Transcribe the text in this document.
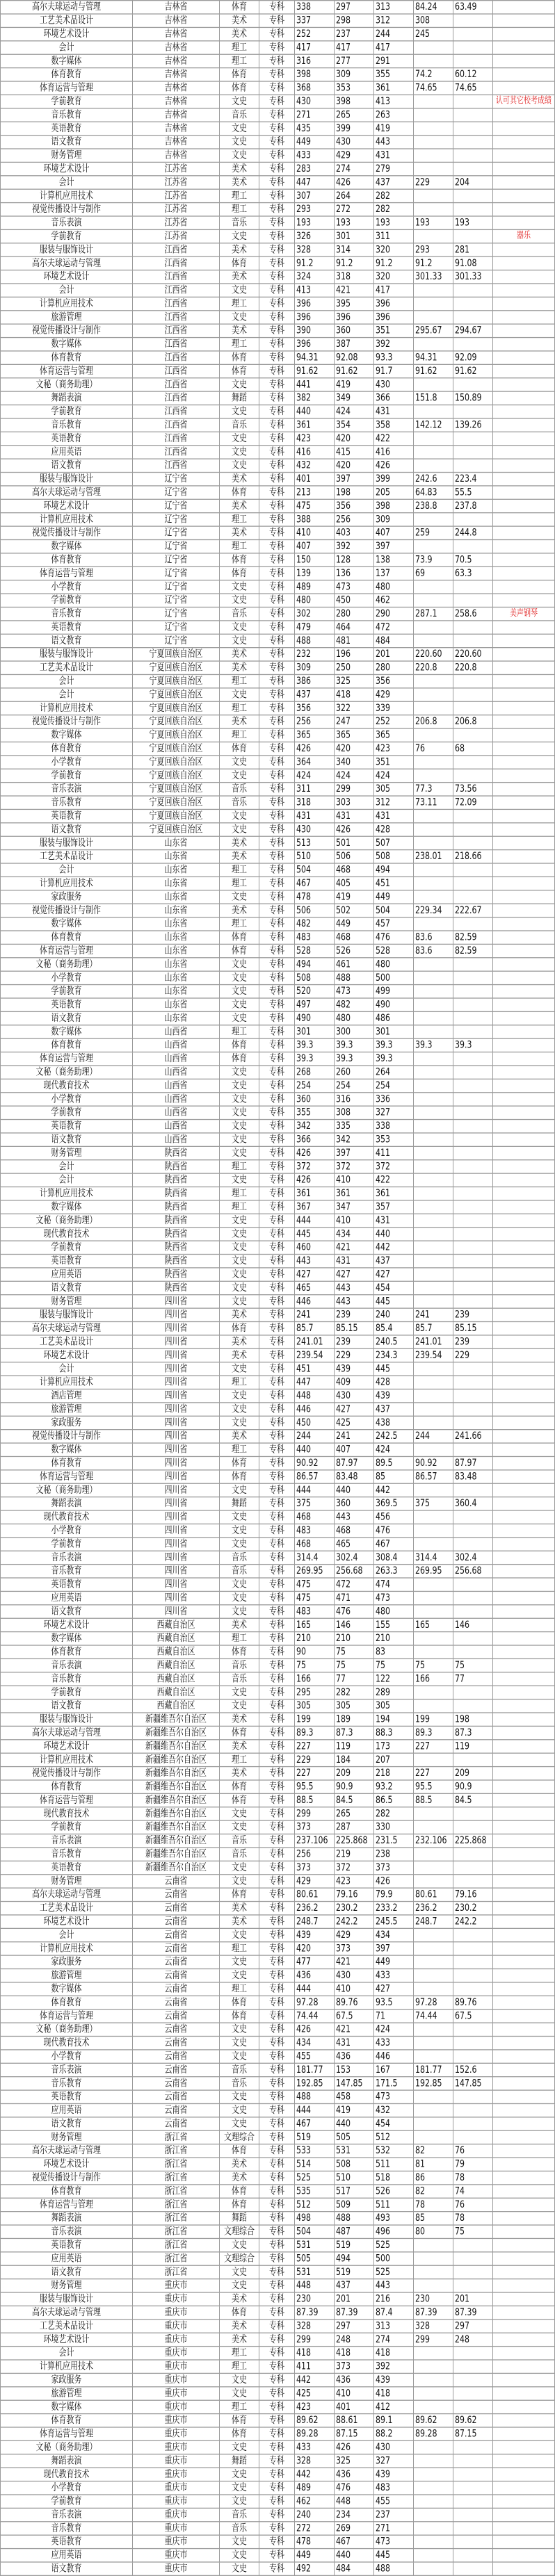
高尔夫球运动与管理	吉林省	体育	专科	338	297	313	84.24	63.49	
工艺美术品设计	吉林省	美术	专科	337	298	312	308		
环境艺术设计	吉林省	美术	专科	252	237	244	245		
会计	吉林省	理工	专科	417	417	417			
数字媒体	吉林省	理工	专科	316	277	291			
体育教育	吉林省	体育	专科	398	309	355	74.2	60.12	
体育运营与管理	吉林省	体育	专科	368	353	361	74.65	74.65	
学前教育	吉林省	文史	专科	430	398	413			认可其它校考成绩
音乐教育	吉林省	音乐	专科	271	265	263			
英语教育	吉林省	文史	专科	435	399	419			
语文教育	吉林省	文史	专科	449	430	443			
财务管理	吉林省	文史	专科	433	429	431			
环境艺术设计	江苏省	美术	专科	283	274	279			
会计	江苏省	美术	专科	447	426	437	229	204	
计算机应用技术	江苏省	理工	专科	307	264	282			
视觉传播设计与制作	江苏省	理工	专科	293	272	282			
音乐表演	江苏省	音乐	专科	193	193	193	193	193	
学前教育	江苏省	文史	专科	326	301	311			器乐
服装与服饰设计	江西省	美术	专科	328	314	320	293	281	
高尔夫球运动与管理	江西省	体育	专科	91.2	91.2	91.2	91.2	91.08	
环境艺术设计	江西省	美术	专科	324	318	320	301.33	301.33	
会计	江西省	文史	专科	413	421	417			
计算机应用技术	江西省	理工	专科	396	395	396			
旅游管理	江西省	文史	专科	396	396	396			
视觉传播设计与制作	江西省	美术	专科	390	360	351	295.67	294.67	
数字媒体	江西省	理工	专科	396	387	392			
体育教育	江西省	体育	专科	94.31	92.08	93.3	94.31	92.09	
体育运营与管理	江西省	体育	专科	91.62	91.62	91.7	91.62	91.62	
文秘（商务助理）	江西省	文史	专科	441	419	430			
舞蹈表演	江西省	舞蹈	专科	382	349	366	151.8	150.89	
学前教育	江西省	文史	专科	440	424	431			
音乐教育	江西省	音乐	专科	361	354	358	142.12	139.26	
英语教育	江西省	文史	专科	423	420	422			
应用英语	江西省	文史	专科	416	415	416			
语文教育	江西省	文史	专科	432	420	426			
服装与服饰设计	辽宁省	美术	专科	401	397	399	242.6	223.4	
高尔夫球运动与管理	辽宁省	体育	专科	213	198	205	64.83	55.5	
环境艺术设计	辽宁省	美术	专科	475	356	398	238.8	237.8	
计算机应用技术	辽宁省	理工	专科	388	256	309			
视觉传播设计与制作	辽宁省	美术	专科	410	403	407	259	244.8	
数字媒体	辽宁省	理工	专科	407	392	397			
体育教育	辽宁省	体育	专科	150	128	138	73.9	70.5	
体育运营与管理	辽宁省	体育	专科	139	136	137	69	63.3	
小学教育	辽宁省	文史	专科	489	473	480			
学前教育	辽宁省	文史	专科	480	450	462			
音乐教育	辽宁省	音乐	专科	302	280	290	287.1	258.6	美声钢琴
英语教育	辽宁省	文史	专科	479	464	472			
语文教育	辽宁省	文史	专科	488	481	484			
服装与服饰设计	宁夏回族自治区	美术	专科	232	196	201	220.60	220.60	
工艺美术品设计	宁夏回族自治区	美术	专科	309	250	280	220.8	220.8	
会计	宁夏回族自治区	理工	专科	386	325	356			
会计	宁夏回族自治区	文史	专科	437	418	429			
计算机应用技术	宁夏回族自治区	理工	专科	356	322	339			
视觉传播设计与制作	宁夏回族自治区	美术	专科	256	247	252	206.8	206.8	
数字媒体	宁夏回族自治区	理工	专科	365	365	365			
体育教育	宁夏回族自治区	体育	专科	426	420	423	76	68	
小学教育	宁夏回族自治区	文史	专科	364	340	351			
学前教育	宁夏回族自治区	文史	专科	424	424	424			
音乐表演	宁夏回族自治区	音乐	专科	311	299	305	77.3	73.56	
音乐教育	宁夏回族自治区	音乐	专科	318	303	312	73.11	72.09	
英语教育	宁夏回族自治区	文史	专科	431	431	431			
语文教育	宁夏回族自治区	文史	专科	430	426	428			
服装与服饰设计	山东省	美术	专科	513	501	507			
工艺美术品设计	山东省	美术	专科	510	506	508	238.01	218.66	
会计	山东省	理工	专科	504	468	494			
计算机应用技术	山东省	理工	专科	467	405	451			
家政服务	山东省	文史	专科	478	419	449			
视觉传播设计与制作	山东省	美术	专科	506	502	504	229.34	222.67	
数字媒体	山东省	理工	专科	482	449	457			
体育教育	山东省	体育	专科	483	468	476	83.6	82.59	
体育运营与管理	山东省	体育	专科	528	526	528	83.6	82.59	
文秘（商务助理）	山东省	文史	专科	494	461	480			
小学教育	山东省	文史	专科	508	488	500			
学前教育	山东省	文史	专科	520	473	499			
英语教育	山东省	文史	专科	497	482	490			
语文教育	山东省	文史	专科	490	480	486			
数字媒体	山西省	理工	专科	301	300	301			
体育教育	山西省	体育	专科	39.3	39.3	39.3	39.3	39.3	
体育运营与管理	山西省	体育	专科	39.3	39.3	39.3			
文秘（商务助理）	山西省	文史	专科	268	260	264			
现代教育技术	山西省	文史	专科	254	254	254			
小学教育	山西省	文史	专科	360	316	336			
学前教育	山西省	文史	专科	355	308	327			
英语教育	山西省	文史	专科	342	335	338			
语文教育	山西省	文史	专科	366	342	353			
财务管理	陕西省	文史	专科	426	397	411			
会计	陕西省	理工	专科	372	372	372			
会计	陕西省	文史	专科	426	410	422			
计算机应用技术	陕西省	理工	专科	361	361	361			
数字媒体	陕西省	理工	专科	367	347	357			
文秘（商务助理）	陕西省	文史	专科	444	410	431			
现代教育技术	陕西省	文史	专科	445	434	440			
学前教育	陕西省	文史	专科	460	421	442			
英语教育	陕西省	文史	专科	443	431	437			
应用英语	陕西省	文史	专科	427	427	427			
语文教育	陕西省	文史	专科	465	443	454			
财务管理	四川省	文史	专科	446	443	445			
服装与服饰设计	四川省	美术	专科	241	239	240	241	239	
高尔夫球运动与管理	四川省	体育	专科	85.7	85.15	85.4	85.7	85.15	
工艺美术品设计	四川省	美术	专科	241.01	239	240.5	241.01	239	
环境艺术设计	四川省	美术	专科	239.54	229	234.3	239.54	229	
会计	四川省	文史	专科	451	439	445			
计算机应用技术	四川省	理工	专科	447	409	428			
酒店管理	四川省	文史	专科	448	430	439			
旅游管理	四川省	文史	专科	446	427	437			
家政服务	四川省	文史	专科	450	425	438			
视觉传播设计与制作	四川省	美术	专科	244	241	242.5	244	241.66	
数字媒体	四川省	理工	专科	440	407	424			
体育教育	四川省	体育	专科	90.92	87.97	89.5	90.92	87.97	
体育运营与管理	四川省	体育	专科	86.57	83.48	85	86.57	83.48	
文秘（商务助理）	四川省	文史	专科	444	440	442			
舞蹈表演	四川省	舞蹈	专科	375	360	369.5	375	360.4	
现代教育技术	四川省	文史	专科	468	443	456			
小学教育	四川省	文史	专科	483	468	476			
学前教育	四川省	文史	专科	468	465	467			
音乐表演	四川省	音乐	专科	314.4	302.4	308.4	314.4	302.4	
音乐教育	四川省	音乐	专科	269.95	256.68	263.3	269.95	256.68	
英语教育	四川省	文史	专科	475	472	474			
应用英语	四川省	文史	专科	475	471	473			
语文教育	四川省	文史	专科	483	476	480			
环境艺术设计	西藏自治区	美术	专科	165	146	155	165	146	
数字媒体	西藏自治区	理工	专科	210	210	210			
体育教育	西藏自治区	体育	专科	90	75	83			
音乐表演	西藏自治区	音乐	专科	75	75	75	75	75	
音乐教育	西藏自治区	音乐	专科	166	77	122	166	77	
学前教育	西藏自治区	文史	专科	295	282	289			
语文教育	西藏自治区	文史	专科	305	305	305			
服装与服饰设计	新疆维吾尔自治区	美术	专科	199	189	194	199	198	
高尔夫球运动与管理	新疆维吾尔自治区	体育	专科	89.3	87.3	88.3	89.3	87.3	
环境艺术设计	新疆维吾尔自治区	美术	专科	227	119	173	227	119	
计算机应用技术	新疆维吾尔自治区	理工	专科	229	184	207			
视觉传播设计与制作	新疆维吾尔自治区	美术	专科	227	209	218	227	209	
体育教育	新疆维吾尔自治区	体育	专科	95.5	90.9	93.2	95.5	90.9	
体育运营与管理	新疆维吾尔自治区	体育	专科	88.5	84.5	86.5	88.5	84.5	
现代教育技术	新疆维吾尔自治区	文史	专科	299	265	282			
学前教育	新疆维吾尔自治区	文史	专科	373	287	330			
音乐表演	新疆维吾尔自治区	音乐	专科	237.106	225.868	231.5	232.106	225.868	
音乐教育	新疆维吾尔自治区	音乐	专科	256	219	238			
英语教育	新疆维吾尔自治区	文史	专科	373	372	373			
财务管理	云南省	文史	专科	429	423	426			
高尔夫球运动与管理	云南省	体育	专科	80.61	79.16	79.9	80.61	79.16	
工艺美术品设计	云南省	美术	专科	236.2	230.2	233.2	236.2	230.2	
环境艺术设计	云南省	美术	专科	248.7	242.2	245.5	248.7	242.2	
会计	云南省	文史	专科	439	429	434			
计算机应用技术	云南省	理工	专科	420	373	397			
家政服务	云南省	文史	专科	477	421	449			
旅游管理	云南省	文史	专科	436	430	433			
数字媒体	云南省	理工	专科	444	410	427			
体育教育	云南省	体育	专科	97.28	89.76	93.5	97.28	89.76	
体育运营与管理	云南省	体育	专科	74.44	67.5	71	74.44	67.5	
文秘（商务助理）	云南省	文史	专科	426	421	424			
现代教育技术	云南省	文史	专科	434	431	433			
小学教育	云南省	文史	专科	455	436	446			
音乐表演	云南省	音乐	专科	181.77	153	167	181.77	152.6	
音乐教育	云南省	音乐	专科	192.85	147.85	171.5	192.85	147.85	
英语教育	云南省	文史	专科	488	458	473			
应用英语	云南省	文史	专科	444	419	432			
语文教育	云南省	文史	专科	467	440	454			
财务管理	浙江省	文理综合	专科	519	505	512			
高尔夫球运动与管理	浙江省	体育	专科	533	531	532	82	76	
环境艺术设计	浙江省	美术	专科	514	508	511	81	79	
视觉传播设计与制作	浙江省	美术	专科	525	510	518	86	78	
体育教育	浙江省	体育	专科	535	517	526	82	74	
体育运营与管理	浙江省	体育	专科	512	509	511	78	76	
舞蹈表演	浙江省	舞蹈	专科	498	488	493	85	78	
音乐表演	浙江省	文理综合	专科	504	487	496	80	75	
英语教育	浙江省	文史	专科	531	519	525			
应用英语	浙江省	文理综合	专科	505	494	500			
语文教育	浙江省	文史	专科	531	519	525			
财务管理	重庆市	文史	专科	448	437	443			
服装与服饰设计	重庆市	美术	专科	230	201	216	230	201	
高尔夫球运动与管理	重庆市	体育	专科	87.39	87.39	87.4	87.39	87.39	
工艺美术品设计	重庆市	美术	专科	328	297	313	328	297	
环境艺术设计	重庆市	美术	专科	299	248	274	299	248	
会计	重庆市	理工	专科	418	418	418			
计算机应用技术	重庆市	理工	专科	411	373	392			
家政服务	重庆市	文史	专科	442	436	439			
旅游管理	重庆市	文史	专科	425	410	418			
数字媒体	重庆市	理工	专科	423	401	412			
体育教育	重庆市	体育	专科	89.62	88.61	89.1	89.62	89.62	
体育运营与管理	重庆市	体育	专科	89.28	87.15	88.2	89.28	87.15	
文秘（商务助理）	重庆市	文史	专科	433	426	430			
舞蹈表演	重庆市	舞蹈	专科	328	325	327			
现代教育技术	重庆市	文史	专科	442	436	439			
小学教育	重庆市	文史	专科	489	476	483			
学前教育	重庆市	文史	专科	462	448	455			
音乐表演	重庆市	音乐	专科	240	234	237			
音乐教育	重庆市	音乐	专科	272	269	271			
英语教育	重庆市	文史	专科	478	467	473			
应用英语	重庆市	文史	专科	449	440	445			
语文教育	重庆市	文史	专科	492	484	488			
